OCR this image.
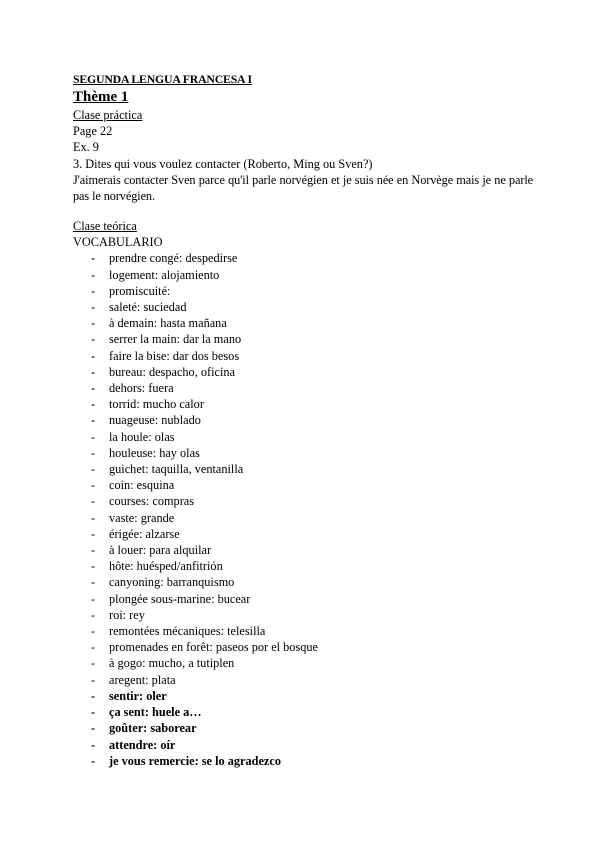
SEGUNDA LENGUA FRANCESA I
Thème 1
Clase práctica
Page 22
Ex. 9
3. Dites qui vous voulez contacter (Roberto, Ming ou Sven?)
J'aimerais contacter Sven parce qu'il parle norvégien et je suis née en Norvège mais je ne parle pas le norvégien.
Clase teórica
VOCABULARIO
- prendre congé: despedirse
- logement: alojamiento
- promiscuité:
- saleté: suciedad
- à demain: hasta mañana
- serrer la main: dar la mano
- faire la bise: dar dos besos
- bureau: despacho, oficina
- dehors: fuera
- torrid: mucho calor
- nuageuse: nublado
- la houle: olas
- houleuse: hay olas
- guichet: taquilla, ventanilla
- coin: esquina
- courses: compras
- vaste: grande
- érigée: alzarse
- à louer: para alquilar
- hôte: huésped/anfitrión
- canyoning: barranquismo
- plongée sous-marine: bucear
- roi: rey
- remontées mécaniques: telesilla
- promenades en forêt: paseos por el bosque
- à gogo: mucho, a tutiplen
- aregent: plata
- sentir: oler
- ça sent: huele a…
- goûter: saborear
- attendre: oír
- je vous remercie: se lo agradezco
